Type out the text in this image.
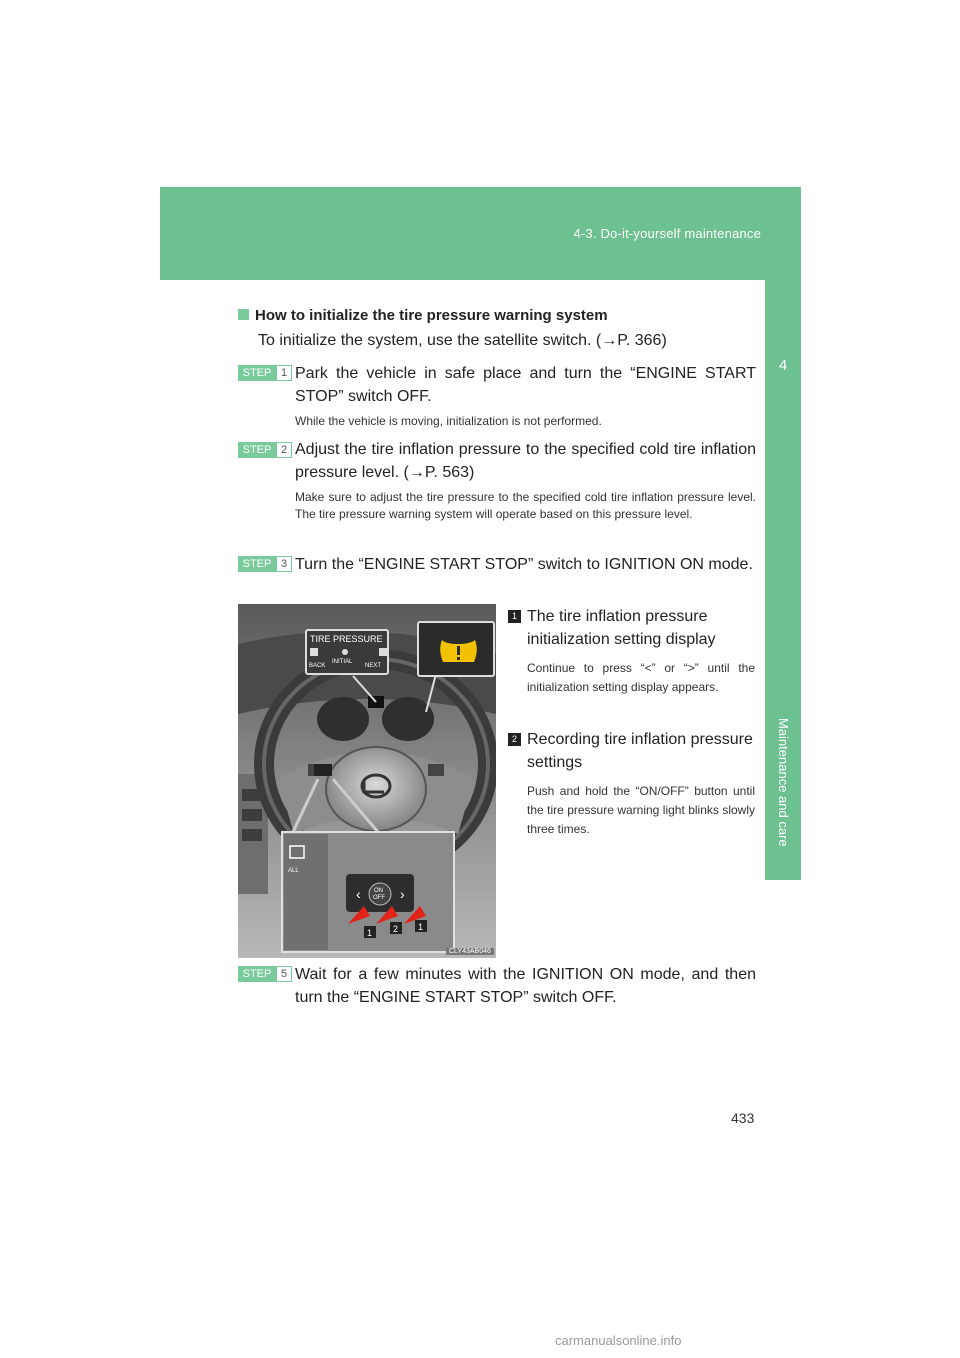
4-3. Do-it-yourself maintenance
4
Maintenance and care
How to initialize the tire pressure warning system
To initialize the system, use the satellite switch. (→P. 366)
STEP 1 Park the vehicle in safe place and turn the “ENGINE START STOP” switch OFF.
While the vehicle is moving, initialization is not performed.
STEP 2 Adjust the tire inflation pressure to the specified cold tire inflation pressure level. (→P. 563)
Make sure to adjust the tire pressure to the specified cold tire inflation pressure level. The tire pressure warning system will operate based on this pressure level.
STEP 3 Turn the “ENGINE START STOP” switch to IGNITION ON mode.
TIRE PRESSURE
BACK
INITIAL
NEXT
ALL
‹	›
ON
OFF
1 2 1
CLY43AB046
1 The tire inflation pressure initialization setting display
Continue to press “<” or “>” until the initialization setting display appears.
2 Recording tire inflation pressure settings
Push and hold the “ON/OFF” button until the tire pressure warning light blinks slowly three times.
STEP 5 Wait for a few minutes with the IGNITION ON mode, and then turn the “ENGINE START STOP” switch OFF.
433
carmanualsonline.info
